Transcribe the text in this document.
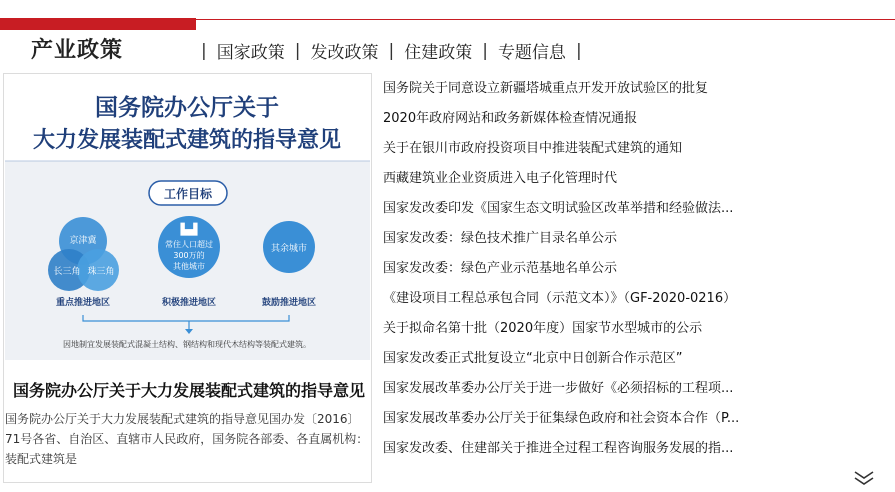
产业政策	| 国家政策 | 发改政策 | 住建政策 | 专题信息 |
国务院办公厅关于
大力发展装配式建筑的指导意见
工作目标
京津冀
长三角 珠三角
▙▟
常住人口超过
300万的
其他城市
其余城市
重点推进地区	积极推进地区	鼓励推进地区
因地制宜发展装配式混凝土结构、钢结构和现代木结构等装配式建筑。
国务院办公厅关于大力发展装配式建筑的指导意见
国务院办公厅关于大力发展装配式建筑的指导意见国办发〔2016〕71号各省、自治区、直辖市人民政府，国务院各部委、各直属机构：装配式建筑是
国务院关于同意设立新疆塔城重点开发开放试验区的批复
2020年政府网站和政务新媒体检查情况通报
关于在银川市政府投资项目中推进装配式建筑的通知
西藏建筑业企业资质进入电子化管理时代
国家发改委印发《国家生态文明试验区改革举措和经验做法...
国家发改委：绿色技术推广目录名单公示
国家发改委：绿色产业示范基地名单公示
《建设项目工程总承包合同（示范文本）》（GF-2020-0216）
关于拟命名第十批（2020年度）国家节水型城市的公示
国家发改委正式批复设立“北京中日创新合作示范区”
国家发展改革委办公厅关于进一步做好《必须招标的工程项...
国家发展改革委办公厅关于征集绿色政府和社会资本合作（P...
国家发改委、住建部关于推进全过程工程咨询服务发展的指...
